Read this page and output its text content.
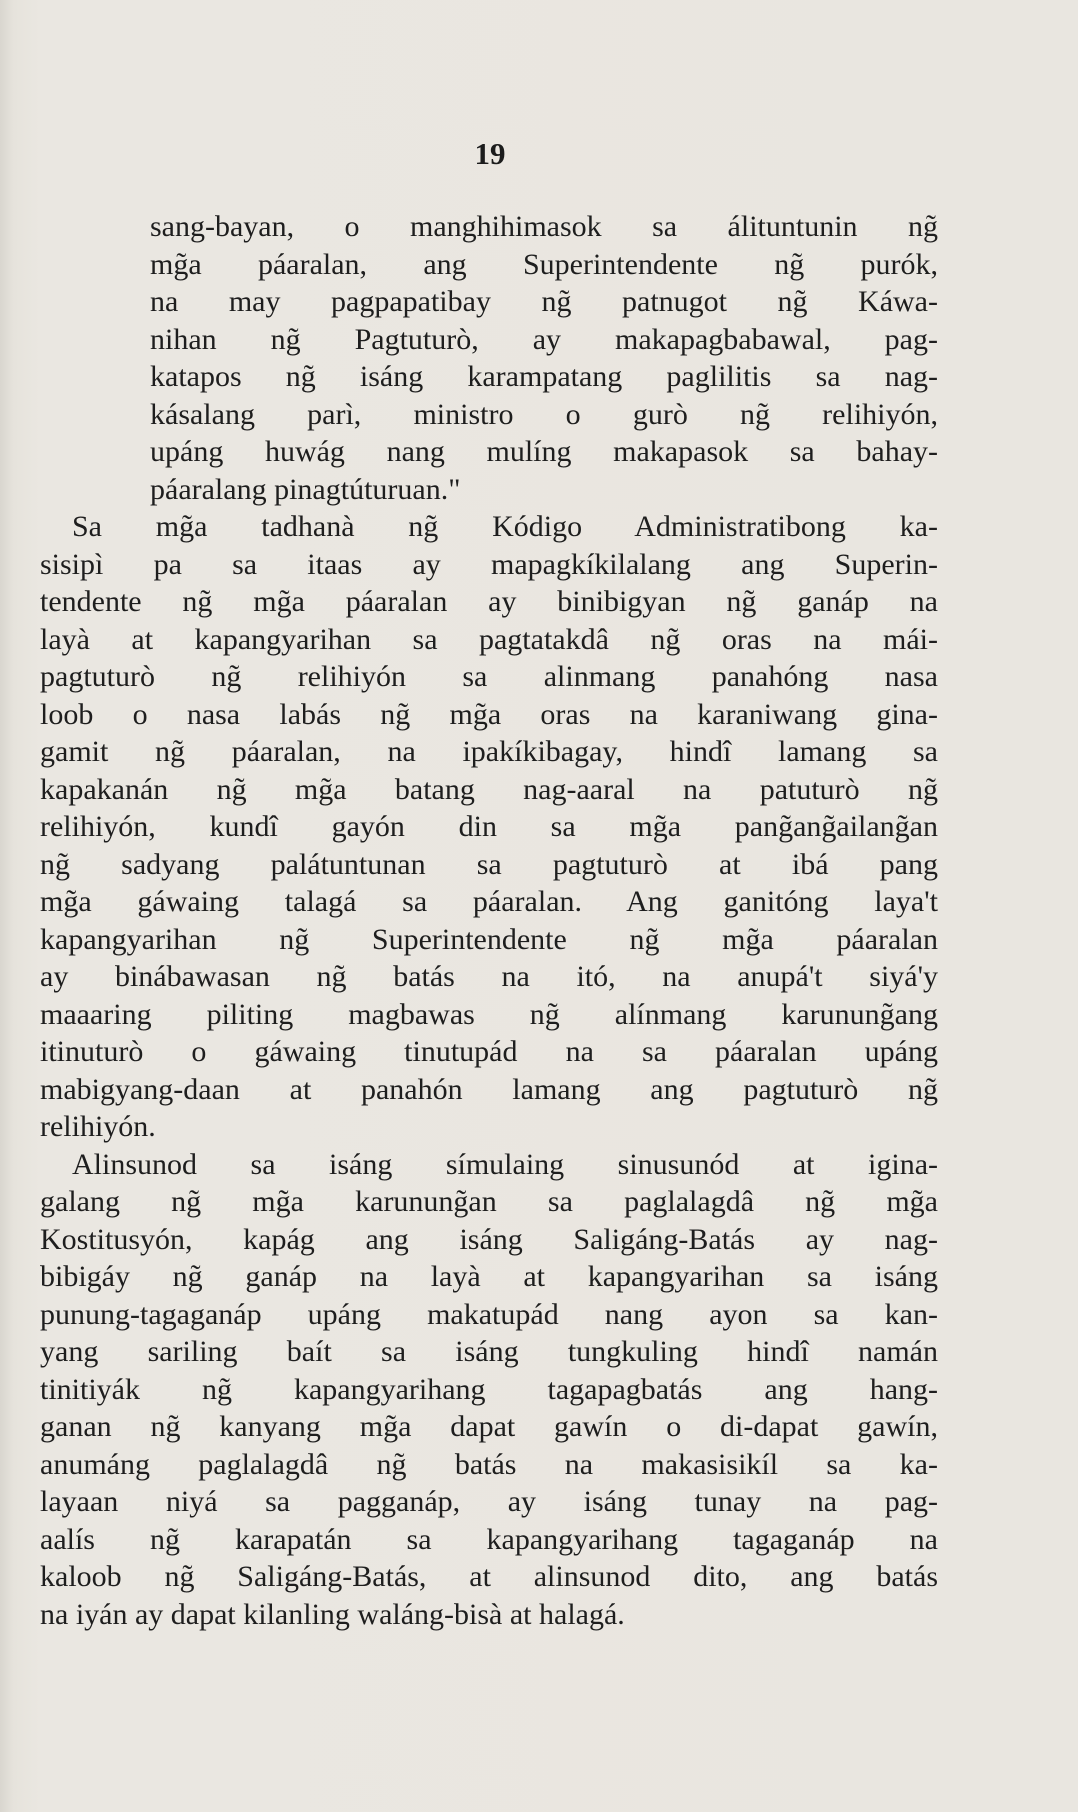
19
sang-bayan, o manghihimasok sa álituntunin ng̃
mg̃a páaralan, ang Superintendente ng̃ purók,
na may pagpapatibay ng̃ patnugot ng̃ Káwa-
nihan ng̃ Pagtuturò, ay makapagbabawal, pag-
katapos ng̃ isáng karampatang paglilitis sa nag-
kásalang parì, ministro o gurò ng̃ relihiyón,
upáng huwág nang mulíng makapasok sa bahay-
páaralang pinagtúturuan."
Sa mg̃a tadhanà ng̃ Kódigo Administratibong ka-
sisipì pa sa itaas ay mapagkíkilalang ang Superin-
tendente ng̃ mg̃a páaralan ay binibigyan ng̃ ganáp na
layà at kapangyarihan sa pagtatakdâ ng̃ oras na mái-
pagtuturò ng̃ relihiyón sa alinmang panahóng nasa
loob o nasa labás ng̃ mg̃a oras na karaniwang gina-
gamit ng̃ páaralan, na ipakíkibagay, hindî lamang sa
kapakanán ng̃ mg̃a batang nag-aaral na patuturò ng̃
relihiyón, kundî gayón din sa mg̃a pang̃ang̃ailang̃an
ng̃ sadyang palátuntunan sa pagtuturò at ibá pang
mg̃a gáwaing talagá sa páaralan. Ang ganitóng laya't
kapangyarihan ng̃ Superintendente ng̃ mg̃a páaralan
ay binábawasan ng̃ batás na itó, na anupá't siyá'y
maaaring piliting magbawas ng̃ alínmang karunung̃ang
itinuturò o gáwaing tinutupád na sa páaralan upáng
mabigyang-daan at panahón lamang ang pagtuturò ng̃
relihiyón.
Alinsunod sa isáng símulaing sinusunód at igina-
galang ng̃ mg̃a karunung̃an sa paglalagdâ ng̃ mg̃a
Kostitusyón, kapág ang isáng Saligáng-Batás ay nag-
bibigáy ng̃ ganáp na layà at kapangyarihan sa isáng
punung-tagaganáp upáng makatupád nang ayon sa kan-
yang sariling baít sa isáng tungkuling hindî namán
tinitiyák ng̃ kapangyarihang tagapagbatás ang hang-
ganan ng̃ kanyang mg̃a dapat gawín o di-dapat gawín,
anumáng paglalagdâ ng̃ batás na makasisikíl sa ka-
layaan niyá sa pagganáp, ay isáng tunay na pag-
aalís ng̃ karapatán sa kapangyarihang tagaganáp na
kaloob ng̃ Saligáng-Batás, at alinsunod dito, ang batás
na iyán ay dapat kilanling waláng-bisà at halagá.
